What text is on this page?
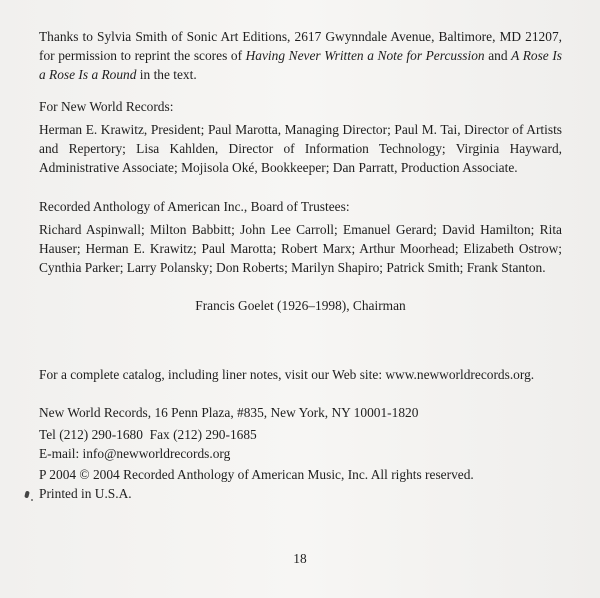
Thanks to Sylvia Smith of Sonic Art Editions, 2617 Gwynndale Avenue, Baltimore, MD 21207, for permission to reprint the scores of Having Never Written a Note for Percussion and A Rose Is a Rose Is a Round in the text.

For New World Records:

Herman E. Krawitz, President; Paul Marotta, Managing Director; Paul M. Tai, Director of Artists and Repertory; Lisa Kahlden, Director of Information Technology; Virginia Hayward, Administrative Associate; Mojisola Oké, Bookkeeper; Dan Parratt, Production Associate.

Recorded Anthology of American Inc., Board of Trustees:

Richard Aspinwall; Milton Babbitt; John Lee Carroll; Emanuel Gerard; David Hamilton; Rita Hauser; Herman E. Krawitz; Paul Marotta; Robert Marx; Arthur Moorhead; Elizabeth Ostrow; Cynthia Parker; Larry Polansky; Don Roberts; Marilyn Shapiro; Patrick Smith; Frank Stanton.

Francis Goelet (1926–1998), Chairman

For a complete catalog, including liner notes, visit our Web site: www.newworldrecords.org.

New World Records, 16 Penn Plaza, #835, New York, NY 10001-1820

Tel (212) 290-1680  Fax (212) 290-1685

E-mail: info@newworldrecords.org

P 2004 © 2004 Recorded Anthology of American Music, Inc. All rights reserved.

Printed in U.S.A.

18
